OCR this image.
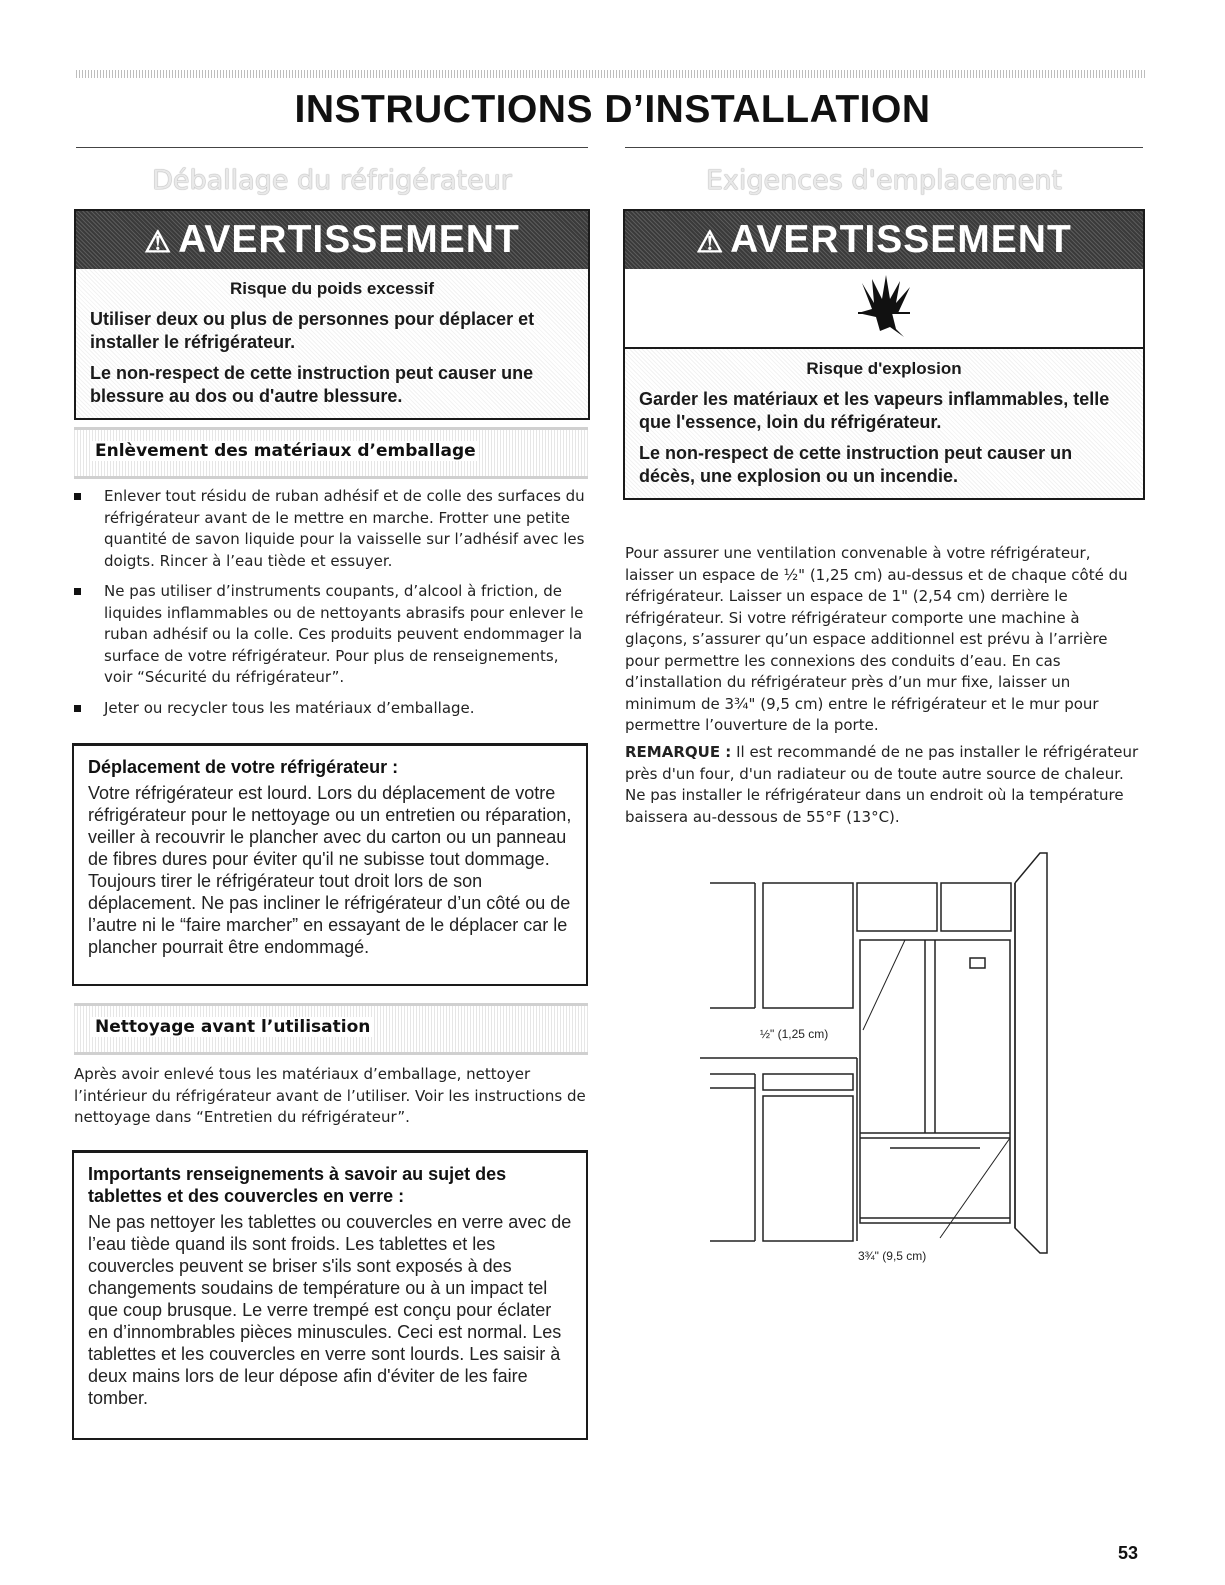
INSTRUCTIONS D’INSTALLATION
Déballage du réfrigérateur
⚠ AVERTISSEMENT
Risque du poids excessif

Utiliser deux ou plus de personnes pour déplacer et installer le réfrigérateur.

Le non-respect de cette instruction peut causer une blessure au dos ou d'autre blessure.

Enlèvement des matériaux d’emballage
Enlever tout résidu de ruban adhésif et de colle des surfaces du réfrigérateur avant de le mettre en marche. Frotter une petite quantité de savon liquide pour la vaisselle sur l’adhésif avec les doigts. Rincer à l’eau tiède et essuyer.
Ne pas utiliser d’instruments coupants, d’alcool à friction, de liquides inflammables ou de nettoyants abrasifs pour enlever le ruban adhésif ou la colle. Ces produits peuvent endommager la surface de votre réfrigérateur. Pour plus de renseignements, voir “Sécurité du réfrigérateur”.
Jeter ou recycler tous les matériaux d’emballage.
Déplacement de votre réfrigérateur :

Votre réfrigérateur est lourd. Lors du déplacement de votre réfrigérateur pour le nettoyage ou un entretien ou réparation, veiller à recouvrir le plancher avec du carton ou un panneau de fibres dures pour éviter qu'il ne subisse tout dommage. Toujours tirer le réfrigérateur tout droit lors de son déplacement. Ne pas incliner le réfrigérateur d’un côté ou de l’autre ni le “faire marcher” en essayant de le déplacer car le plancher pourrait être endommagé.

Nettoyage avant l’utilisation

Après avoir enlevé tous les matériaux d’emballage, nettoyer l’intérieur du réfrigérateur avant de l’utiliser. Voir les instructions de nettoyage dans “Entretien du réfrigérateur”.

Importants renseignements à savoir au sujet des tablettes et des couvercles en verre :

Ne pas nettoyer les tablettes ou couvercles en verre avec de l’eau tiède quand ils sont froids. Les tablettes et les couvercles peuvent se briser s'ils sont exposés à des changements soudains de température ou à un impact tel que coup brusque. Le verre trempé est conçu pour éclater en d’innombrables pièces minuscules. Ceci est normal. Les tablettes et les couvercles en verre sont lourds. Les saisir à deux mains lors de leur dépose afin d'éviter de les faire tomber.

Exigences d'emplacement
⚠ AVERTISSEMENT
Risque d'explosion

Garder les matériaux et les vapeurs inflammables, telle que l'essence, loin du réfrigérateur.

Le non-respect de cette instruction peut causer un décès, une explosion ou un incendie.

Pour assurer une ventilation convenable à votre réfrigérateur, laisser un espace de ½" (1,25 cm) au-dessus et de chaque côté du réfrigérateur. Laisser un espace de 1" (2,54 cm) derrière le réfrigérateur. Si votre réfrigérateur comporte une machine à glaçons, s’assurer qu’un espace additionnel est prévu à l’arrière pour permettre les connexions des conduits d’eau. En cas d’installation du réfrigérateur près d’un mur fixe, laisser un minimum de 3¾" (9,5 cm) entre le réfrigérateur et le mur pour permettre l’ouverture de la porte.

REMARQUE : Il est recommandé de ne pas installer le réfrigérateur près d'un four, d'un radiateur ou de toute autre source de chaleur. Ne pas installer le réfrigérateur dans un endroit où la température baissera au-dessous de 55°F (13°C).

½" (1,25 cm)
3¾" (9,5 cm)
53
